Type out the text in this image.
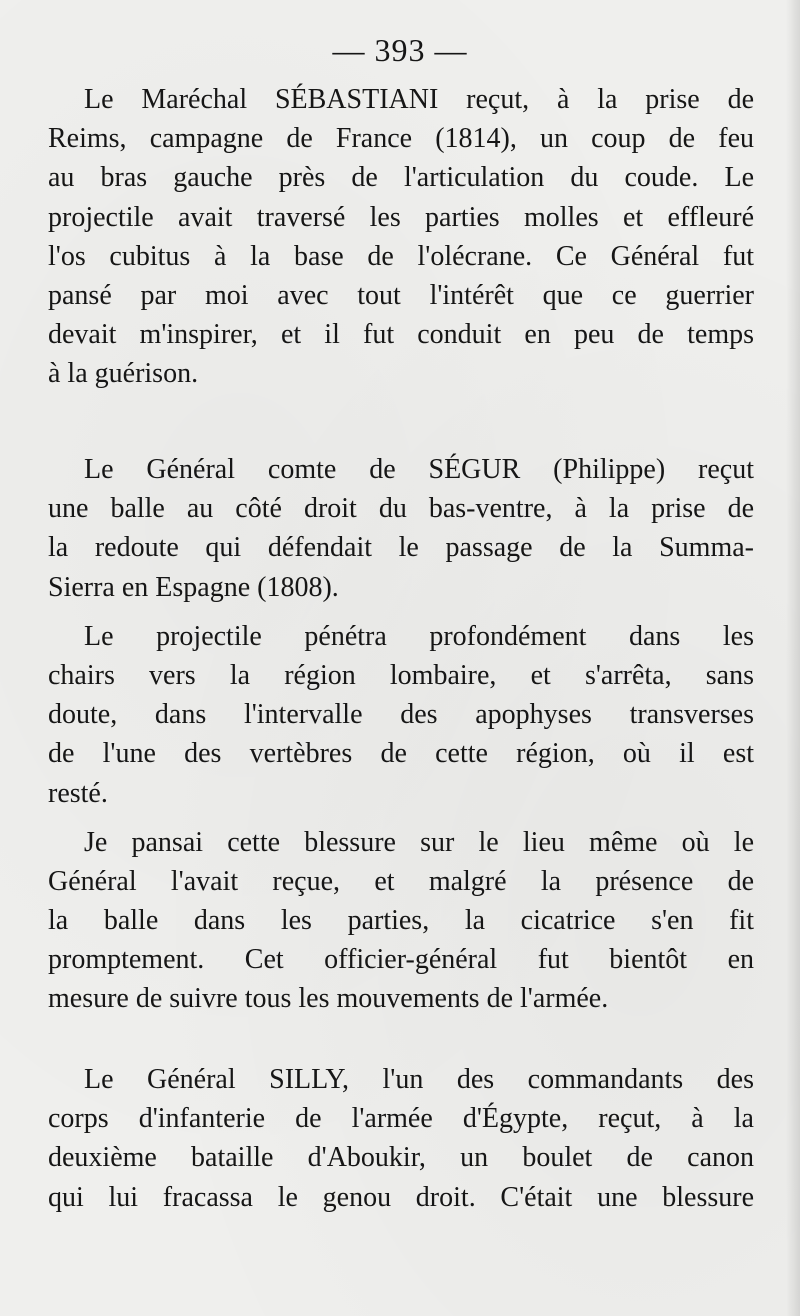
— 393 —
Le Maréchal SÉBASTIANI reçut, à la prise de
Reims, campagne de France (1814), un coup de feu
au bras gauche près de l'articulation du coude. Le
projectile avait traversé les parties molles et effleuré
l'os cubitus à la base de l'olécrane. Ce Général fut
pansé par moi avec tout l'intérêt que ce guerrier
devait m'inspirer, et il fut conduit en peu de temps
à la guérison.
Le Général comte de SÉGUR (Philippe) reçut
une balle au côté droit du bas-ventre, à la prise de
la redoute qui défendait le passage de la Summa-
Sierra en Espagne (1808).
Le projectile pénétra profondément dans les
chairs vers la région lombaire, et s'arrêta, sans
doute, dans l'intervalle des apophyses transverses
de l'une des vertèbres de cette région, où il est
resté.
Je pansai cette blessure sur le lieu même où le
Général l'avait reçue, et malgré la présence de
la balle dans les parties, la cicatrice s'en fit
promptement. Cet officier-général fut bientôt en
mesure de suivre tous les mouvements de l'armée.
Le Général SILLY, l'un des commandants des
corps d'infanterie de l'armée d'Égypte, reçut, à la
deuxième bataille d'Aboukir, un boulet de canon
qui lui fracassa le genou droit. C'était une blessure
